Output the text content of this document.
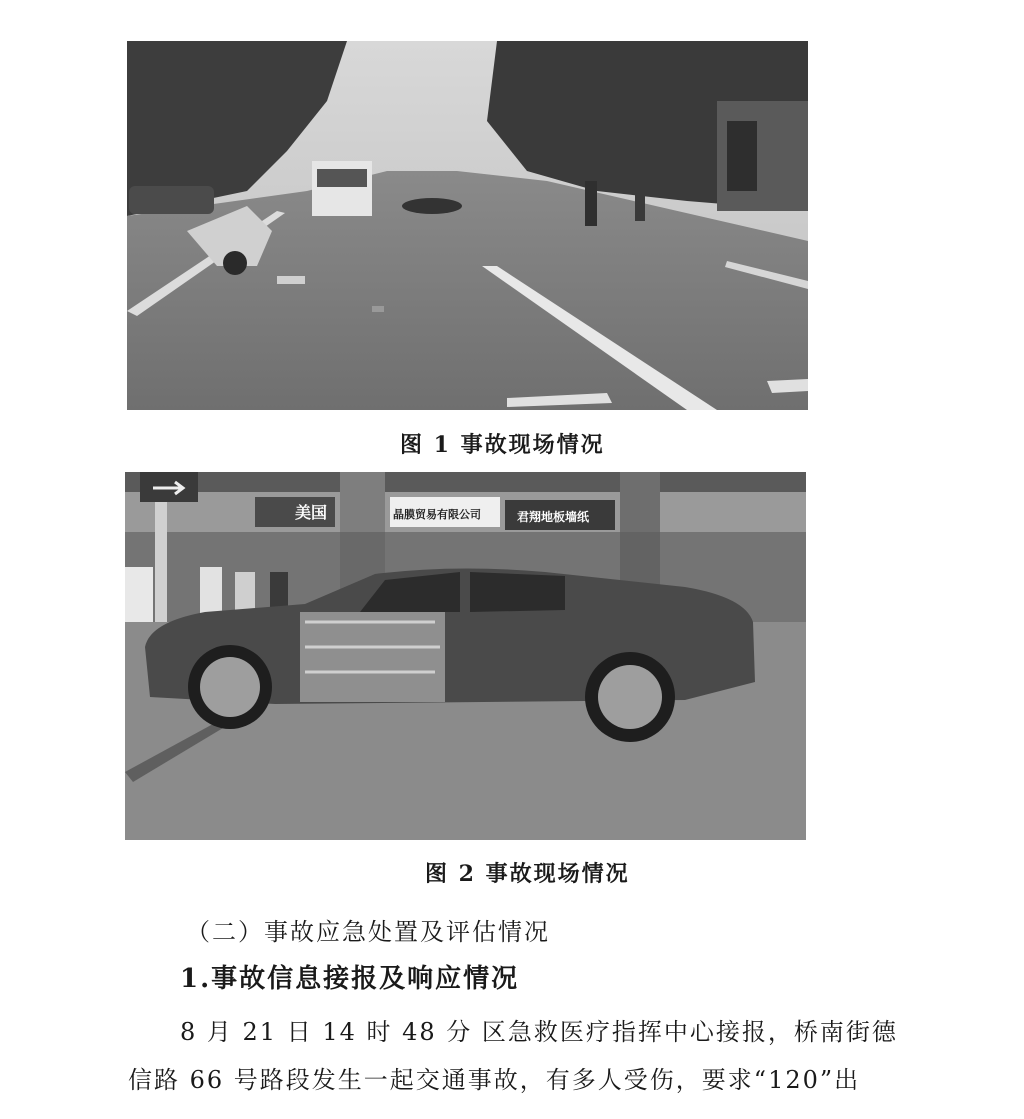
图 1 事故现场情况
美国	晶膜贸易有限公司	君翔地板墙纸
图 2 事故现场情况
（二）事故应急处置及评估情况
1.事故信息接报及响应情况
8 月 21 日 14 时 48 分 区急救医疗指挥中心接报，桥南街德
信路 66 号路段发生一起交通事故，有多人受伤，要求“120”出
